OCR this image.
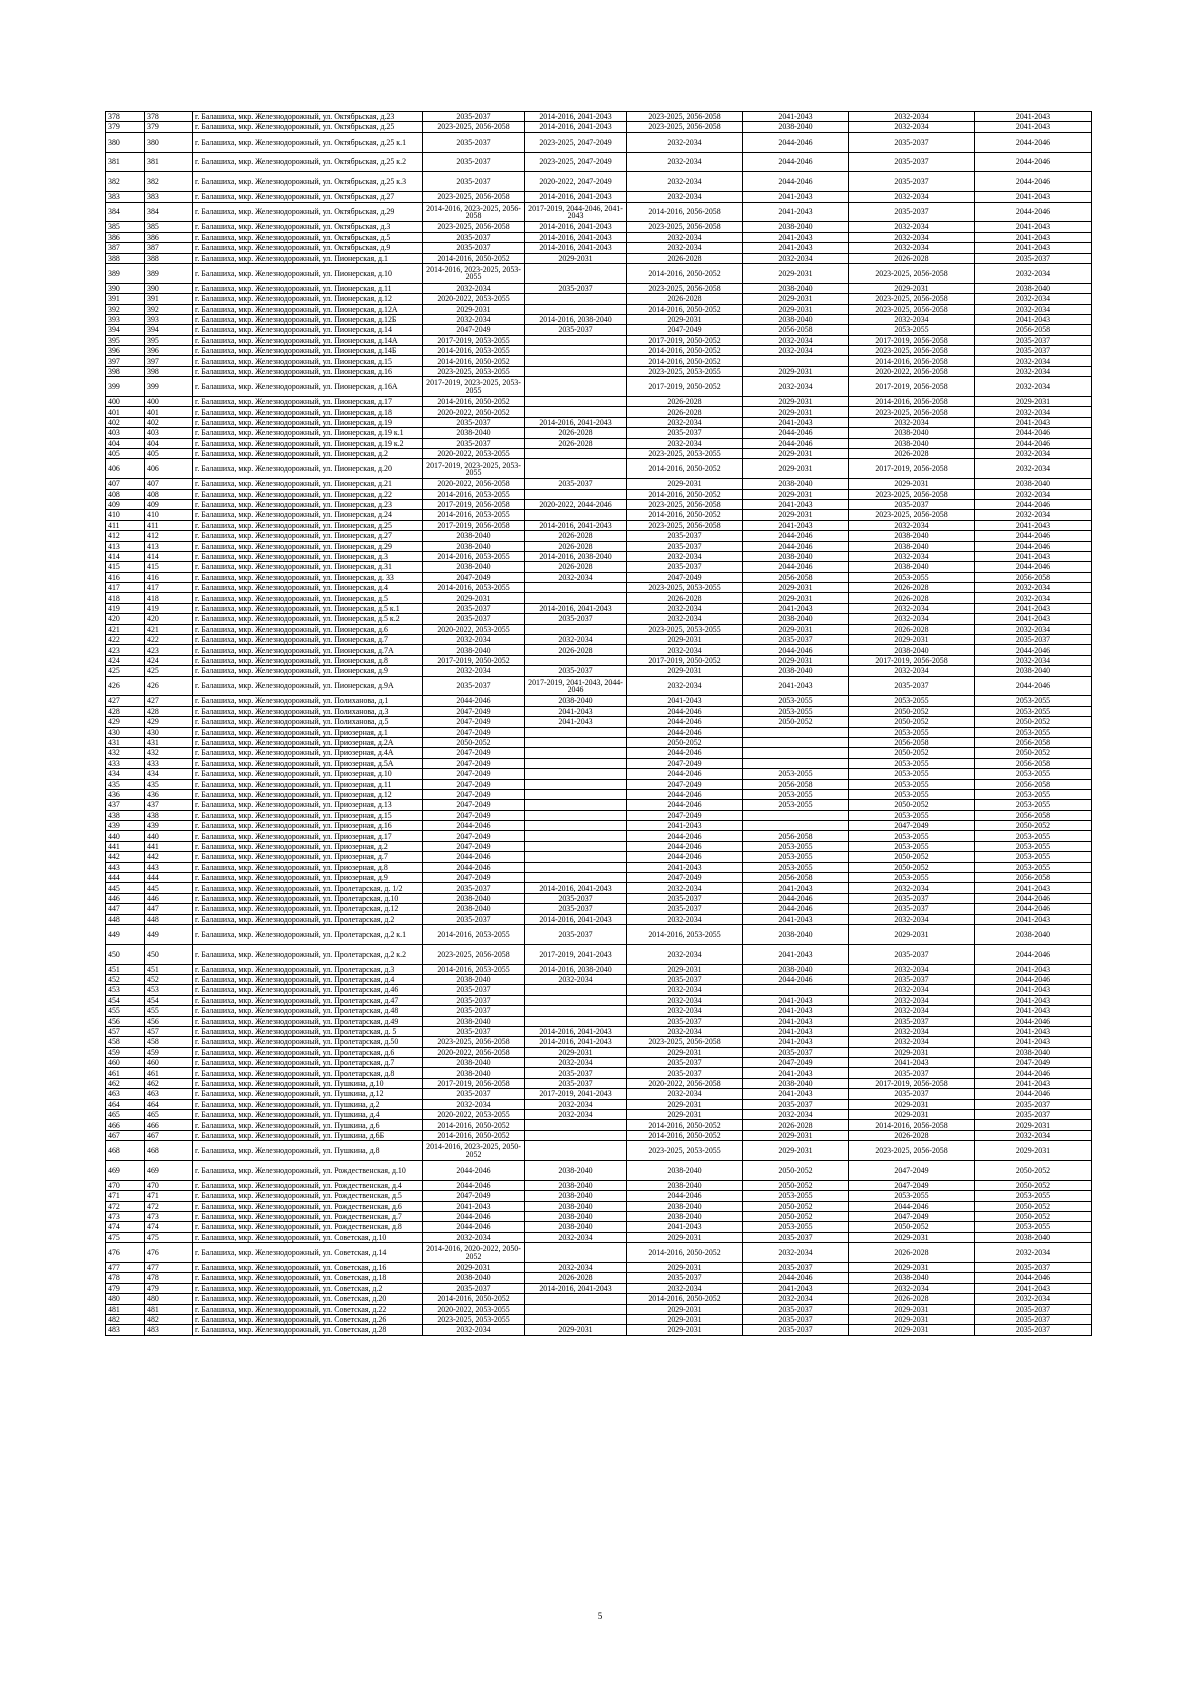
378	378	г. Балашиха, мкр. Железнодорожный, ул. Октябрьская, д.23	2035-2037	2014-2016, 2041-2043	2023-2025, 2056-2058	2041-2043	2032-2034	2041-2043
379	379	г. Балашиха, мкр. Железнодорожный, ул. Октябрьская, д.25	2023-2025, 2056-2058	2014-2016, 2041-2043	2023-2025, 2056-2058	2038-2040	2032-2034	2041-2043
380	380	г. Балашиха, мкр. Железнодорожный, ул. Октябрьская, д.25 к.1	2035-2037	2023-2025, 2047-2049	2032-2034	2044-2046	2035-2037	2044-2046
381	381	г. Балашиха, мкр. Железнодорожный, ул. Октябрьская, д.25 к.2	2035-2037	2023-2025, 2047-2049	2032-2034	2044-2046	2035-2037	2044-2046
382	382	г. Балашиха, мкр. Железнодорожный, ул. Октябрьская, д.25 к.3	2035-2037	2020-2022, 2047-2049	2032-2034	2044-2046	2035-2037	2044-2046
383	383	г. Балашиха, мкр. Железнодорожный, ул. Октябрьская, д.27	2023-2025, 2056-2058	2014-2016, 2041-2043	2032-2034	2041-2043	2032-2034	2041-2043
384	384	г. Балашиха, мкр. Железнодорожный, ул. Октябрьская, д.29	2014-2016, 2023-2025, 2056-2058	2017-2019, 2044-2046, 2041-2043	2014-2016, 2056-2058	2041-2043	2035-2037	2044-2046
385	385	г. Балашиха, мкр. Железнодорожный, ул. Октябрьская, д.3	2023-2025, 2056-2058	2014-2016, 2041-2043	2023-2025, 2056-2058	2038-2040	2032-2034	2041-2043
386	386	г. Балашиха, мкр. Железнодорожный, ул. Октябрьская, д.5	2035-2037	2014-2016, 2041-2043	2032-2034	2041-2043	2032-2034	2041-2043
387	387	г. Балашиха, мкр. Железнодорожный, ул. Октябрьская, д.9	2035-2037	2014-2016, 2041-2043	2032-2034	2041-2043	2032-2034	2041-2043
388	388	г. Балашиха, мкр. Железнодорожный, ул. Пионерская, д.1	2014-2016, 2050-2052	2029-2031	2026-2028	2032-2034	2026-2028	2035-2037
389	389	г. Балашиха, мкр. Железнодорожный, ул. Пионерская, д.10	2014-2016, 2023-2025, 2053-2055		2014-2016, 2050-2052	2029-2031	2023-2025, 2056-2058	2032-2034
390	390	г. Балашиха, мкр. Железнодорожный, ул. Пионерская, д.11	2032-2034	2035-2037	2023-2025, 2056-2058	2038-2040	2029-2031	2038-2040
391	391	г. Балашиха, мкр. Железнодорожный, ул. Пионерская, д.12	2020-2022, 2053-2055		2026-2028	2029-2031	2023-2025, 2056-2058	2032-2034
392	392	г. Балашиха, мкр. Железнодорожный, ул. Пионерская, д.12А	2029-2031		2014-2016, 2050-2052	2029-2031	2023-2025, 2056-2058	2032-2034
393	393	г. Балашиха, мкр. Железнодорожный, ул. Пионерская, д.12Б	2032-2034	2014-2016, 2038-2040	2029-2031	2038-2040	2032-2034	2041-2043
394	394	г. Балашиха, мкр. Железнодорожный, ул. Пионерская, д.14	2047-2049	2035-2037	2047-2049	2056-2058	2053-2055	2056-2058
395	395	г. Балашиха, мкр. Железнодорожный, ул. Пионерская, д.14А	2017-2019, 2053-2055		2017-2019, 2050-2052	2032-2034	2017-2019, 2056-2058	2035-2037
396	396	г. Балашиха, мкр. Железнодорожный, ул. Пионерская, д.14Б	2014-2016, 2053-2055		2014-2016, 2050-2052	2032-2034	2023-2025, 2056-2058	2035-2037
397	397	г. Балашиха, мкр. Железнодорожный, ул. Пионерская, д.15	2014-2016, 2050-2052		2014-2016, 2050-2052		2014-2016, 2056-2058	2032-2034
398	398	г. Балашиха, мкр. Железнодорожный, ул. Пионерская, д.16	2023-2025, 2053-2055		2023-2025, 2053-2055	2029-2031	2020-2022, 2056-2058	2032-2034
399	399	г. Балашиха, мкр. Железнодорожный, ул. Пионерская, д.16А	2017-2019, 2023-2025, 2053-2055		2017-2019, 2050-2052	2032-2034	2017-2019, 2056-2058	2032-2034
400	400	г. Балашиха, мкр. Железнодорожный, ул. Пионерская, д.17	2014-2016, 2050-2052		2026-2028	2029-2031	2014-2016, 2056-2058	2029-2031
401	401	г. Балашиха, мкр. Железнодорожный, ул. Пионерская, д.18	2020-2022, 2050-2052		2026-2028	2029-2031	2023-2025, 2056-2058	2032-2034
402	402	г. Балашиха, мкр. Железнодорожный, ул. Пионерская, д.19	2035-2037	2014-2016, 2041-2043	2032-2034	2041-2043	2032-2034	2041-2043
403	403	г. Балашиха, мкр. Железнодорожный, ул. Пионерская, д.19 к.1	2038-2040	2026-2028	2035-2037	2044-2046	2038-2040	2044-2046
404	404	г. Балашиха, мкр. Железнодорожный, ул. Пионерская, д.19 к.2	2035-2037	2026-2028	2032-2034	2044-2046	2038-2040	2044-2046
405	405	г. Балашиха, мкр. Железнодорожный, ул. Пионерская, д.2	2020-2022, 2053-2055		2023-2025, 2053-2055	2029-2031	2026-2028	2032-2034
406	406	г. Балашиха, мкр. Железнодорожный, ул. Пионерская, д.20	2017-2019, 2023-2025, 2053-2055		2014-2016, 2050-2052	2029-2031	2017-2019, 2056-2058	2032-2034
407	407	г. Балашиха, мкр. Железнодорожный, ул. Пионерская, д.21	2020-2022, 2056-2058	2035-2037	2029-2031	2038-2040	2029-2031	2038-2040
408	408	г. Балашиха, мкр. Железнодорожный, ул. Пионерская, д.22	2014-2016, 2053-2055		2014-2016, 2050-2052	2029-2031	2023-2025, 2056-2058	2032-2034
409	409	г. Балашиха, мкр. Железнодорожный, ул. Пионерская, д.23	2017-2019, 2056-2058	2020-2022, 2044-2046	2023-2025, 2056-2058	2041-2043	2035-2037	2044-2046
410	410	г. Балашиха, мкр. Железнодорожный, ул. Пионерская, д.24	2014-2016, 2053-2055		2014-2016, 2050-2052	2029-2031	2023-2025, 2056-2058	2032-2034
411	411	г. Балашиха, мкр. Железнодорожный, ул. Пионерская, д.25	2017-2019, 2056-2058	2014-2016, 2041-2043	2023-2025, 2056-2058	2041-2043	2032-2034	2041-2043
412	412	г. Балашиха, мкр. Железнодорожный, ул. Пионерская, д.27	2038-2040	2026-2028	2035-2037	2044-2046	2038-2040	2044-2046
413	413	г. Балашиха, мкр. Железнодорожный, ул. Пионерская, д.29	2038-2040	2026-2028	2035-2037	2044-2046	2038-2040	2044-2046
414	414	г. Балашиха, мкр. Железнодорожный, ул. Пионерская, д.3	2014-2016, 2053-2055	2014-2016, 2038-2040	2032-2034	2038-2040	2032-2034	2041-2043
415	415	г. Балашиха, мкр. Железнодорожный, ул. Пионерская, д.31	2038-2040	2026-2028	2035-2037	2044-2046	2038-2040	2044-2046
416	416	г. Балашиха, мкр. Железнодорожный, ул. Пионерская, д. 33	2047-2049	2032-2034	2047-2049	2056-2058	2053-2055	2056-2058
417	417	г. Балашиха, мкр. Железнодорожный, ул. Пионерская, д.4	2014-2016, 2053-2055		2023-2025, 2053-2055	2029-2031	2026-2028	2032-2034
418	418	г. Балашиха, мкр. Железнодорожный, ул. Пионерская, д.5	2029-2031		2026-2028	2029-2031	2026-2028	2032-2034
419	419	г. Балашиха, мкр. Железнодорожный, ул. Пионерская, д.5 к.1	2035-2037	2014-2016, 2041-2043	2032-2034	2041-2043	2032-2034	2041-2043
420	420	г. Балашиха, мкр. Железнодорожный, ул. Пионерская, д.5 к.2	2035-2037	2035-2037	2032-2034	2038-2040	2032-2034	2041-2043
421	421	г. Балашиха, мкр. Железнодорожный, ул. Пионерская, д.6	2020-2022, 2053-2055		2023-2025, 2053-2055	2029-2031	2026-2028	2032-2034
422	422	г. Балашиха, мкр. Железнодорожный, ул. Пионерская, д.7	2032-2034	2032-2034	2029-2031	2035-2037	2029-2031	2035-2037
423	423	г. Балашиха, мкр. Железнодорожный, ул. Пионерская, д.7А	2038-2040	2026-2028	2032-2034	2044-2046	2038-2040	2044-2046
424	424	г. Балашиха, мкр. Железнодорожный, ул. Пионерская, д.8	2017-2019, 2050-2052		2017-2019, 2050-2052	2029-2031	2017-2019, 2056-2058	2032-2034
425	425	г. Балашиха, мкр. Железнодорожный, ул. Пионерская, д.9	2032-2034	2035-2037	2029-2031	2038-2040	2032-2034	2038-2040
426	426	г. Балашиха, мкр. Железнодорожный, ул. Пионерская, д.9А	2035-2037	2017-2019, 2041-2043, 2044-2046	2032-2034	2041-2043	2035-2037	2044-2046
427	427	г. Балашиха, мкр. Железнодорожный, ул. Полиханова, д.1	2044-2046	2038-2040	2041-2043	2053-2055	2053-2055	2053-2055
428	428	г. Балашиха, мкр. Железнодорожный, ул. Полиханова, д.3	2047-2049	2041-2043	2044-2046	2053-2055	2050-2052	2053-2055
429	429	г. Балашиха, мкр. Железнодорожный, ул. Полиханова, д.5	2047-2049	2041-2043	2044-2046	2050-2052	2050-2052	2050-2052
430	430	г. Балашиха, мкр. Железнодорожный, ул. Приозерная, д.1	2047-2049		2044-2046		2053-2055	2053-2055
431	431	г. Балашиха, мкр. Железнодорожный, ул. Приозерная, д.2А	2050-2052		2050-2052		2056-2058	2056-2058
432	432	г. Балашиха, мкр. Железнодорожный, ул. Приозерная, д.4А	2047-2049		2044-2046		2050-2052	2050-2052
433	433	г. Балашиха, мкр. Железнодорожный, ул. Приозерная, д.5А	2047-2049		2047-2049		2053-2055	2056-2058
434	434	г. Балашиха, мкр. Железнодорожный, ул. Приозерная, д.10	2047-2049		2044-2046	2053-2055	2053-2055	2053-2055
435	435	г. Балашиха, мкр. Железнодорожный, ул. Приозерная, д.11	2047-2049		2047-2049	2056-2058	2053-2055	2056-2058
436	436	г. Балашиха, мкр. Железнодорожный, ул. Приозерная, д.12	2047-2049		2044-2046	2053-2055	2053-2055	2053-2055
437	437	г. Балашиха, мкр. Железнодорожный, ул. Приозерная, д.13	2047-2049		2044-2046	2053-2055	2050-2052	2053-2055
438	438	г. Балашиха, мкр. Железнодорожный, ул. Приозерная, д.15	2047-2049		2047-2049		2053-2055	2056-2058
439	439	г. Балашиха, мкр. Железнодорожный, ул. Приозерная, д.16	2044-2046		2041-2043		2047-2049	2050-2052
440	440	г. Балашиха, мкр. Железнодорожный, ул. Приозерная, д.17	2047-2049		2044-2046	2056-2058	2053-2055	2053-2055
441	441	г. Балашиха, мкр. Железнодорожный, ул. Приозерная, д.2	2047-2049		2044-2046	2053-2055	2053-2055	2053-2055
442	442	г. Балашиха, мкр. Железнодорожный, ул. Приозерная, д.7	2044-2046		2044-2046	2053-2055	2050-2052	2053-2055
443	443	г. Балашиха, мкр. Железнодорожный, ул. Приозерная, д.8	2044-2046		2041-2043	2053-2055	2050-2052	2053-2055
444	444	г. Балашиха, мкр. Железнодорожный, ул. Приозерная, д.9	2047-2049		2047-2049	2056-2058	2053-2055	2056-2058
445	445	г. Балашиха, мкр. Железнодорожный, ул. Пролетарская, д. 1/2	2035-2037	2014-2016, 2041-2043	2032-2034	2041-2043	2032-2034	2041-2043
446	446	г. Балашиха, мкр. Железнодорожный, ул. Пролетарская, д.10	2038-2040	2035-2037	2035-2037	2044-2046	2035-2037	2044-2046
447	447	г. Балашиха, мкр. Железнодорожный, ул. Пролетарская, д.12	2038-2040	2035-2037	2035-2037	2044-2046	2035-2037	2044-2046
448	448	г. Балашиха, мкр. Железнодорожный, ул. Пролетарская, д.2	2035-2037	2014-2016, 2041-2043	2032-2034	2041-2043	2032-2034	2041-2043
449	449	г. Балашиха, мкр. Железнодорожный, ул. Пролетарская, д.2 к.1	2014-2016, 2053-2055	2035-2037	2014-2016, 2053-2055	2038-2040	2029-2031	2038-2040
450	450	г. Балашиха, мкр. Железнодорожный, ул. Пролетарская, д.2 к.2	2023-2025, 2056-2058	2017-2019, 2041-2043	2032-2034	2041-2043	2035-2037	2044-2046
451	451	г. Балашиха, мкр. Железнодорожный, ул. Пролетарская, д.3	2014-2016, 2053-2055	2014-2016, 2038-2040	2029-2031	2038-2040	2032-2034	2041-2043
452	452	г. Балашиха, мкр. Железнодорожный, ул. Пролетарская, д.4	2038-2040	2032-2034	2035-2037	2044-2046	2035-2037	2044-2046
453	453	г. Балашиха, мкр. Железнодорожный, ул. Пролетарская, д.46	2035-2037		2032-2034		2032-2034	2041-2043
454	454	г. Балашиха, мкр. Железнодорожный, ул. Пролетарская, д.47	2035-2037		2032-2034	2041-2043	2032-2034	2041-2043
455	455	г. Балашиха, мкр. Железнодорожный, ул. Пролетарская, д.48	2035-2037		2032-2034	2041-2043	2032-2034	2041-2043
456	456	г. Балашиха, мкр. Железнодорожный, ул. Пролетарская, д.49	2038-2040		2035-2037	2041-2043	2035-2037	2044-2046
457	457	г. Балашиха, мкр. Железнодорожный, ул. Пролетарская, д. 5	2035-2037	2014-2016, 2041-2043	2032-2034	2041-2043	2032-2034	2041-2043
458	458	г. Балашиха, мкр. Железнодорожный, ул. Пролетарская, д.50	2023-2025, 2056-2058	2014-2016, 2041-2043	2023-2025, 2056-2058	2041-2043	2032-2034	2041-2043
459	459	г. Балашиха, мкр. Железнодорожный, ул. Пролетарская, д.6	2020-2022, 2056-2058	2029-2031	2029-2031	2035-2037	2029-2031	2038-2040
460	460	г. Балашиха, мкр. Железнодорожный, ул. Пролетарская, д.7	2038-2040	2032-2034	2035-2037	2047-2049	2041-2043	2047-2049
461	461	г. Балашиха, мкр. Железнодорожный, ул. Пролетарская, д.8	2038-2040	2035-2037	2035-2037	2041-2043	2035-2037	2044-2046
462	462	г. Балашиха, мкр. Железнодорожный, ул. Пушкина, д.10	2017-2019, 2056-2058	2035-2037	2020-2022, 2056-2058	2038-2040	2017-2019, 2056-2058	2041-2043
463	463	г. Балашиха, мкр. Железнодорожный, ул. Пушкина, д.12	2035-2037	2017-2019, 2041-2043	2032-2034	2041-2043	2035-2037	2044-2046
464	464	г. Балашиха, мкр. Железнодорожный, ул. Пушкина, д.2	2032-2034	2032-2034	2029-2031	2035-2037	2029-2031	2035-2037
465	465	г. Балашиха, мкр. Железнодорожный, ул. Пушкина, д.4	2020-2022, 2053-2055	2032-2034	2029-2031	2032-2034	2029-2031	2035-2037
466	466	г. Балашиха, мкр. Железнодорожный, ул. Пушкина, д.6	2014-2016, 2050-2052		2014-2016, 2050-2052	2026-2028	2014-2016, 2056-2058	2029-2031
467	467	г. Балашиха, мкр. Железнодорожный, ул. Пушкина, д.6Б	2014-2016, 2050-2052		2014-2016, 2050-2052	2029-2031	2026-2028	2032-2034
468	468	г. Балашиха, мкр. Железнодорожный, ул. Пушкина, д.8	2014-2016, 2023-2025, 2050-2052		2023-2025, 2053-2055	2029-2031	2023-2025, 2056-2058	2029-2031
469	469	г. Балашиха, мкр. Железнодорожный, ул. Рождественская, д.10	2044-2046	2038-2040	2038-2040	2050-2052	2047-2049	2050-2052
470	470	г. Балашиха, мкр. Железнодорожный, ул. Рождественская, д.4	2044-2046	2038-2040	2038-2040	2050-2052	2047-2049	2050-2052
471	471	г. Балашиха, мкр. Железнодорожный, ул. Рождественская, д.5	2047-2049	2038-2040	2044-2046	2053-2055	2053-2055	2053-2055
472	472	г. Балашиха, мкр. Железнодорожный, ул. Рождественская, д.6	2041-2043	2038-2040	2038-2040	2050-2052	2044-2046	2050-2052
473	473	г. Балашиха, мкр. Железнодорожный, ул. Рождественская, д.7	2044-2046	2038-2040	2038-2040	2050-2052	2047-2049	2050-2052
474	474	г. Балашиха, мкр. Железнодорожный, ул. Рождественская, д.8	2044-2046	2038-2040	2041-2043	2053-2055	2050-2052	2053-2055
475	475	г. Балашиха, мкр. Железнодорожный, ул. Советская, д.10	2032-2034	2032-2034	2029-2031	2035-2037	2029-2031	2038-2040
476	476	г. Балашиха, мкр. Железнодорожный, ул. Советская, д.14	2014-2016, 2020-2022, 2050-2052		2014-2016, 2050-2052	2032-2034	2026-2028	2032-2034
477	477	г. Балашиха, мкр. Железнодорожный, ул. Советская, д.16	2029-2031	2032-2034	2029-2031	2035-2037	2029-2031	2035-2037
478	478	г. Балашиха, мкр. Железнодорожный, ул. Советская, д.18	2038-2040	2026-2028	2035-2037	2044-2046	2038-2040	2044-2046
479	479	г. Балашиха, мкр. Железнодорожный, ул. Советская, д.2	2035-2037	2014-2016, 2041-2043	2032-2034	2041-2043	2032-2034	2041-2043
480	480	г. Балашиха, мкр. Железнодорожный, ул. Советская, д.20	2014-2016, 2050-2052		2014-2016, 2050-2052	2032-2034	2026-2028	2032-2034
481	481	г. Балашиха, мкр. Железнодорожный, ул. Советская, д.22	2020-2022, 2053-2055		2029-2031	2035-2037	2029-2031	2035-2037
482	482	г. Балашиха, мкр. Железнодорожный, ул. Советская, д.26	2023-2025, 2053-2055		2029-2031	2035-2037	2029-2031	2035-2037
483	483	г. Балашиха, мкр. Железнодорожный, ул. Советская, д.28	2032-2034	2029-2031	2029-2031	2035-2037	2029-2031	2035-2037
5
